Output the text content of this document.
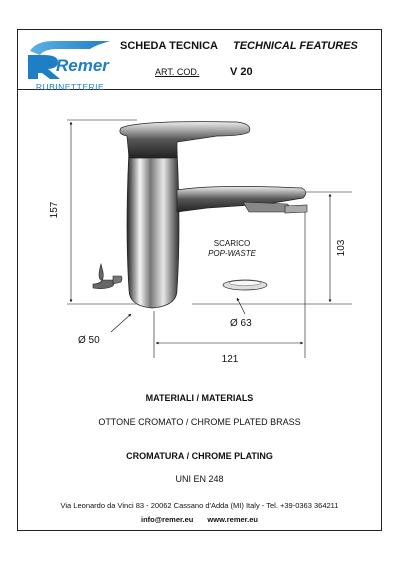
Remer
RUBINETTERIE
SCHEDA TECNICA TECHNICAL FEATURES
ART. COD.	V 20
157
103
Ø 50
Ø 63
121
SCARICO
POP-WASTE
MATERIALI / MATERIALS
OTTONE CROMATO / CHROME PLATED BRASS
CROMATURA / CHROME PLATING
UNI EN 248
Via Leonardo da Vinci 83 - 20062 Cassano d'Adda (MI) Italy - Tel. +39-0363 364211
info@remer.eu www.remer.eu
